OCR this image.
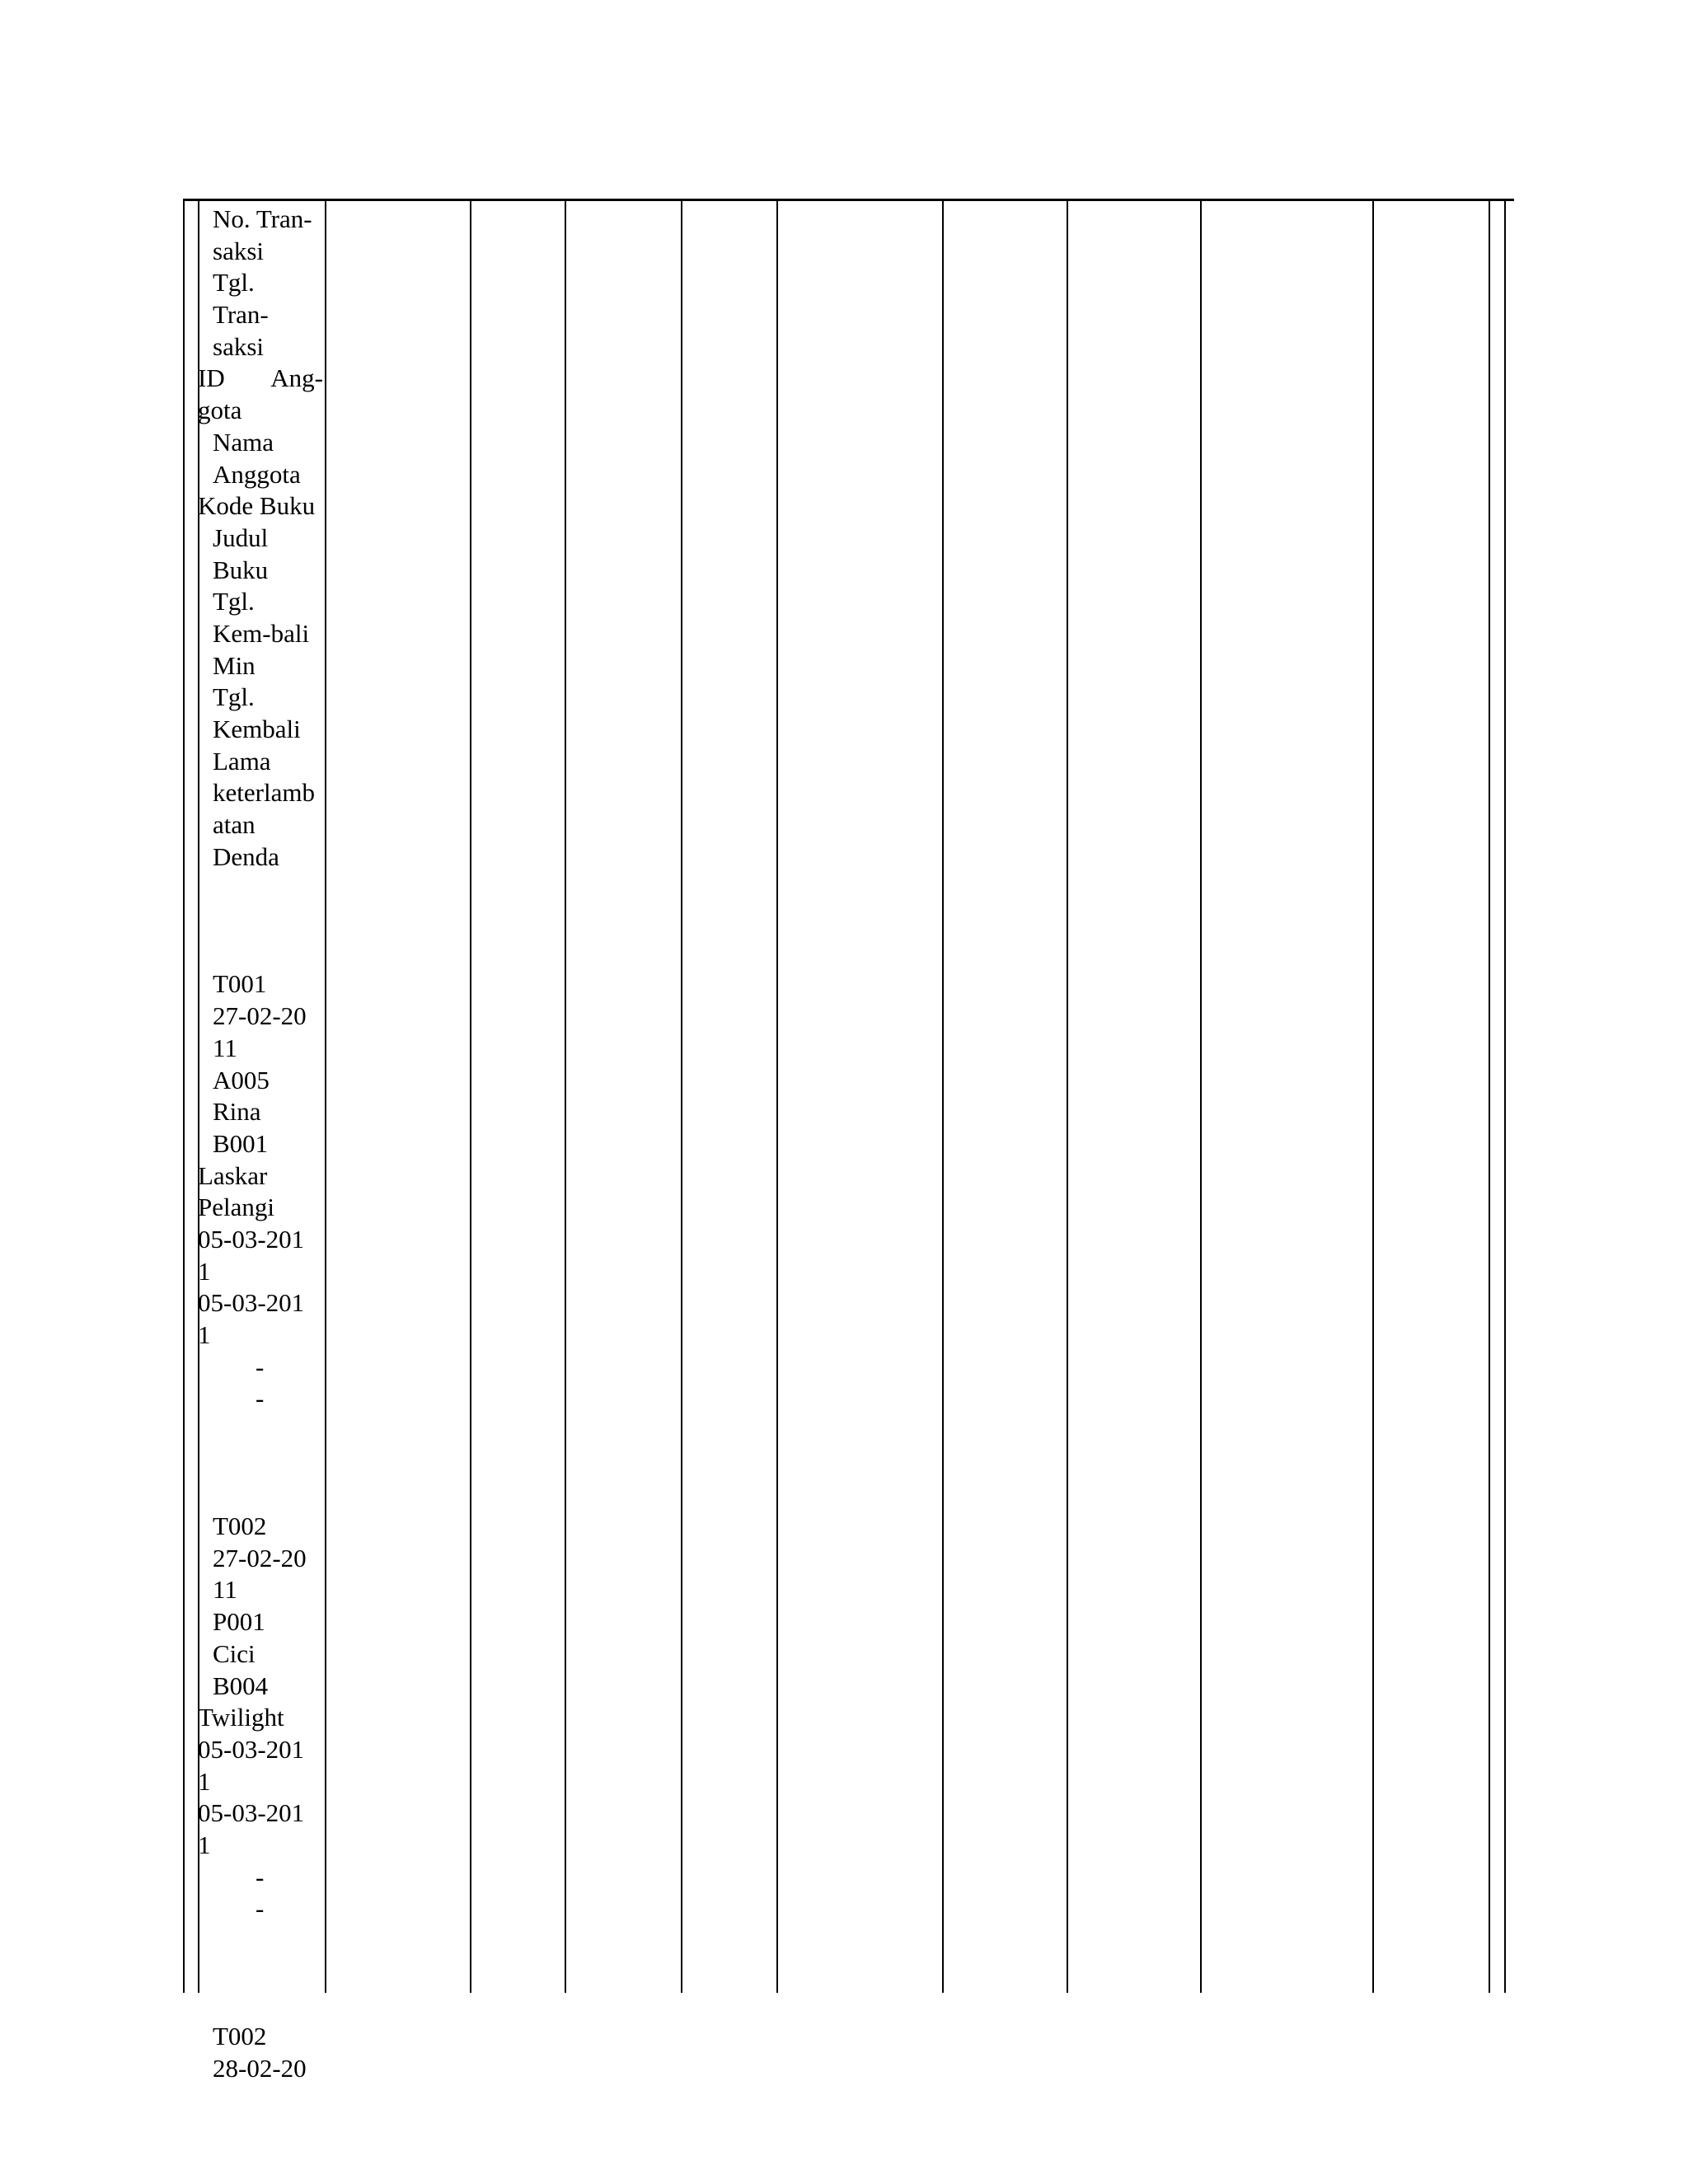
No. Tran-
saksi
Tgl.
Tran-
saksi
ID Ang-
gota
Nama
Anggota
Kode Buku
Judul
Buku
Tgl.
Kem-bali
Min
Tgl.
Kembali
Lama
keterlamb
atan
Denda
T001
27-02-20
11
A005
Rina
B001
Laskar
Pelangi
05-03-201
1
05-03-201
1
-
-
T002
27-02-20
11
P001
Cici
B004
Twilight
05-03-201
1
05-03-201
1
-
-
T002
28-02-20
